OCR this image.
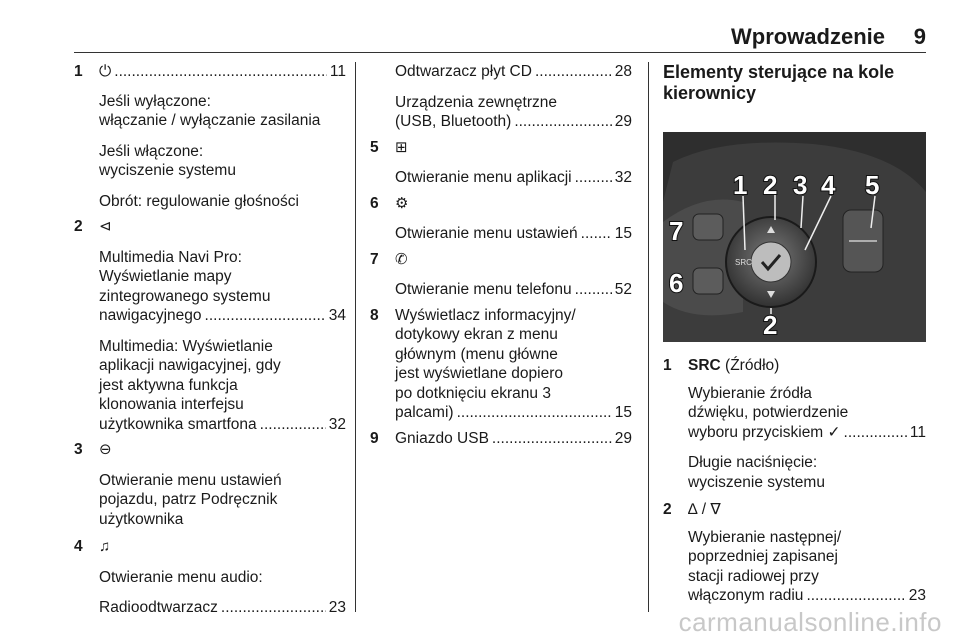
Wprowadzenie 9
1 ⏻ .....	11
Jeśli wyłączone:
włączanie / wyłączanie zasilania
Jeśli włączone:
wyciszenie systemu
Obrót: regulowanie głośności
2 ⊲
Multimedia Navi Pro:
Wyświetlanie mapy
zintegrowanego systemu
nawigacyjnego .....	34
Multimedia: Wyświetlanie
aplikacji nawigacyjnej, gdy
jest aktywna funkcja
klonowania interfejsu
użytkownika smartfona .....	32
3 ⊖
Otwieranie menu ustawień
pojazdu, patrz Podręcznik
użytkownika
4 ♫
Otwieranie menu audio:
Radioodtwarzacz .....	23
Odtwarzacz płyt CD .....	28
Urządzenia zewnętrzne
(USB, Bluetooth) .....	29
5 ⊞
Otwieranie menu aplikacji .....	32
6 ⚙
Otwieranie menu ustawień ..... 15
7 ✆
Otwieranie menu telefonu .....	52
8 Wyświetlacz informacyjny/
dotykowy ekran z menu
głównym (menu główne
jest wyświetlane dopiero
po dotknięciu ekranu 3
palcami) .....	15
9 Gniazdo USB .....	29
Elementy sterujące na kole
kierownicy
SRC
1 2 3 4 5
7
6
2
1 SRC (Źródło)
Wybieranie źródła
dźwięku, potwierdzenie
wyboru przyciskiem ✓ .....	11
Długie naciśnięcie:
wyciszenie systemu
2 ∆ / ∇
Wybieranie następnej/
poprzedniej zapisanej
stacji radiowej przy
włączonym radiu .....	23
carmanualsonline.info
